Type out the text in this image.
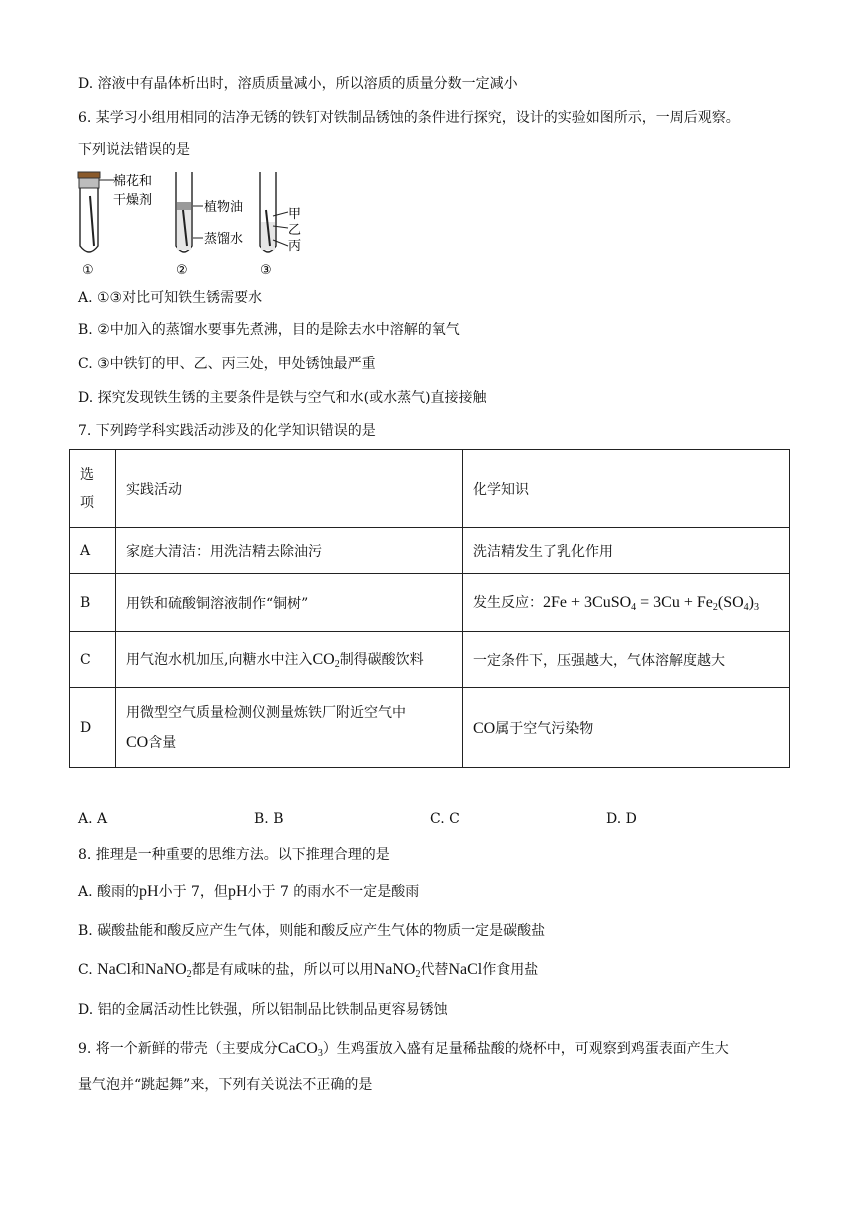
D. 溶液中有晶体析出时，溶质质量减小，所以溶质的质量分数一定减小
6. 某学习小组用相同的洁净无锈的铁钉对铁制品锈蚀的条件进行探究，设计的实验如图所示，一周后观察。
下列说法错误的是
棉花和
干燥剂	植物油
蒸馏水
甲
乙
丙
①	②	③
A. ①③对比可知铁生锈需要水
B. ②中加入的蒸馏水要事先煮沸，目的是除去水中溶解的氧气
C. ③中铁钉的甲、乙、丙三处，甲处锈蚀最严重
D. 探究发现铁生锈的主要条件是铁与空气和水(或水蒸气)直接接触
7. 下列跨学科实践活动涉及的化学知识错误的是
选
项	实践活动	化学知识
A	家庭大清洁：用洗洁精去除油污	洗洁精发生了乳化作用
B	用铁和硫酸铜溶液制作“铜树”	发生反应：2Fe + 3CuSO$_4$ = $3Cu + Fe_2(SO_4)_3$
C	用气泡水机加压,向糖水中注入$CO_2$制得碳酸饮料	一定条件下，压强越大，气体溶解度越大
D	用微型空气质量检测仪测量炼铁厂附近空气中
CO含量	CO属于空气污染物
A. A	B. B	C. C	D. D
8. 推理是一种重要的思维方法。以下推理合理的是
A. 酸雨的pH小于 7，但pH小于 7 的雨水不一定是酸雨
B. 碳酸盐能和酸反应产生气体，则能和酸反应产生气体的物质一定是碳酸盐
C. NaCl和NaNO$_2$都是有咸味的盐，所以可以用NaNO$_2$代替NaCl作食用盐
D. 铝的金属活动性比铁强，所以铝制品比铁制品更容易锈蚀
9. 将一个新鲜的带壳（主要成分CaCO$_3$）生鸡蛋放入盛有足量稀盐酸的烧杯中，可观察到鸡蛋表面产生大
量气泡并“跳起舞”来，下列有关说法不正确的是
